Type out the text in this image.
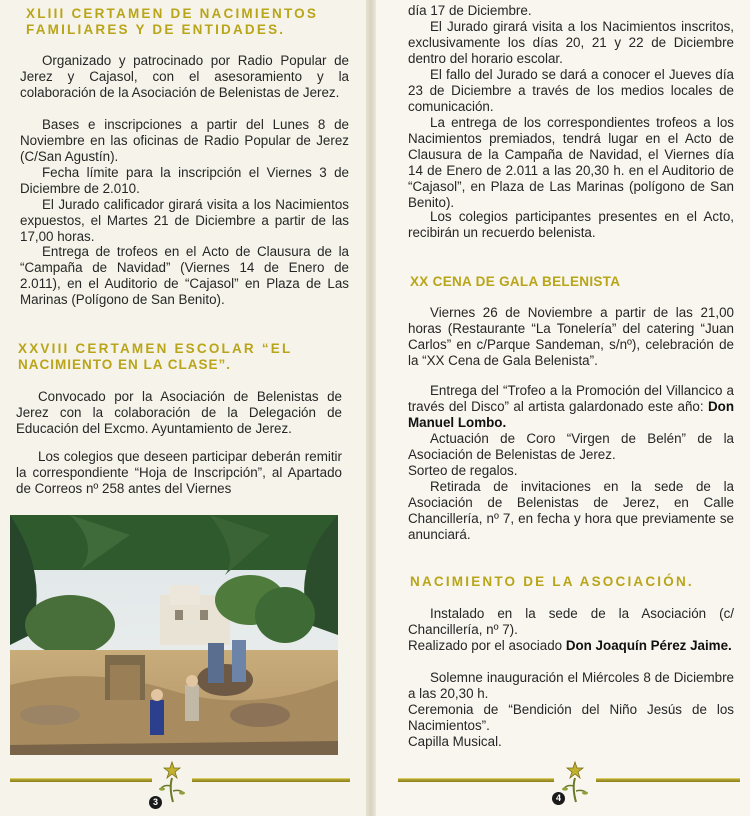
XLIII CERTAMEN DE NACIMIENTOS
FAMILIARES Y DE ENTIDADES.
Organizado y patrocinado por Radio Popular de Jerez y Cajasol, con el asesoramiento y la colaboración de la Asociación de Belenistas de Jerez.
Bases e inscripciones a partir del Lunes 8 de Noviembre en las oficinas de Radio Popular de Jerez (C/San Agustín).
Fecha límite para la inscripción el Viernes 3 de Diciembre de 2.010.
El Jurado calificador girará visita a los Nacimientos expuestos, el Martes 21 de Diciembre a partir de las 17,00 horas.
Entrega de trofeos en el Acto de Clausura de la “Campaña de Navidad” (Viernes 14 de Enero de 2.011), en el Auditorio de “Cajasol” en Plaza de Las Marinas (Polígono de San Benito).
XXVIII CERTAMEN ESCOLAR “EL
NACIMIENTO EN LA CLASE”.
Convocado por la Asociación de Belenistas de Jerez con la colaboración de la Delegación de Educación del Excmo. Ayuntamiento de Jerez.
Los colegios que deseen participar deberán remitir la correspondiente “Hoja de Inscripción”, al Apartado de Correos nº 258 antes del Viernes
3
día 17 de Diciembre.
El Jurado girará visita a los Nacimientos inscritos, exclusivamente los días 20, 21 y 22 de Diciembre dentro del horario escolar.
El fallo del Jurado se dará a conocer el Jueves día 23 de Diciembre a través de los medios locales de comunicación.
La entrega de los correspondientes trofeos a los Nacimientos premiados, tendrá lugar en el Acto de Clausura de la Campaña de Navidad, el Viernes día 14 de Enero de 2.011 a las 20,30 h. en el Auditorio de “Cajasol”, en Plaza de Las Marinas (polígono de San Benito).
Los colegios participantes presentes en el Acto, recibirán un recuerdo belenista.
XX CENA DE GALA BELENISTA
Viernes 26 de Noviembre a partir de las 21,00 horas (Restaurante “La Tonelería” del catering “Juan Carlos” en c/Parque Sandeman, s/nº), celebración de la “XX Cena de Gala Belenista”.
Entrega del “Trofeo a la Promoción del Villancico a través del Disco” al artista galardonado este año: Don Manuel Lombo.
Actuación de Coro “Virgen de Belén” de la Asociación de Belenistas de Jerez.
Sorteo de regalos.
Retirada de invitaciones en la sede de la Asociación de Belenistas de Jerez, en Calle Chancillería, nº 7, en fecha y hora que previamente se anunciará.
NACIMIENTO DE LA ASOCIACIÓN.
Instalado en la sede de la Asociación (c/ Chancillería, nº 7).
Realizado por el asociado Don Joaquín Pérez Jaime.
Solemne inauguración el Miércoles 8 de Diciembre a las 20,30 h.
Ceremonia de “Bendición del Niño Jesús de los Nacimientos”.
Capilla Musical.
4
